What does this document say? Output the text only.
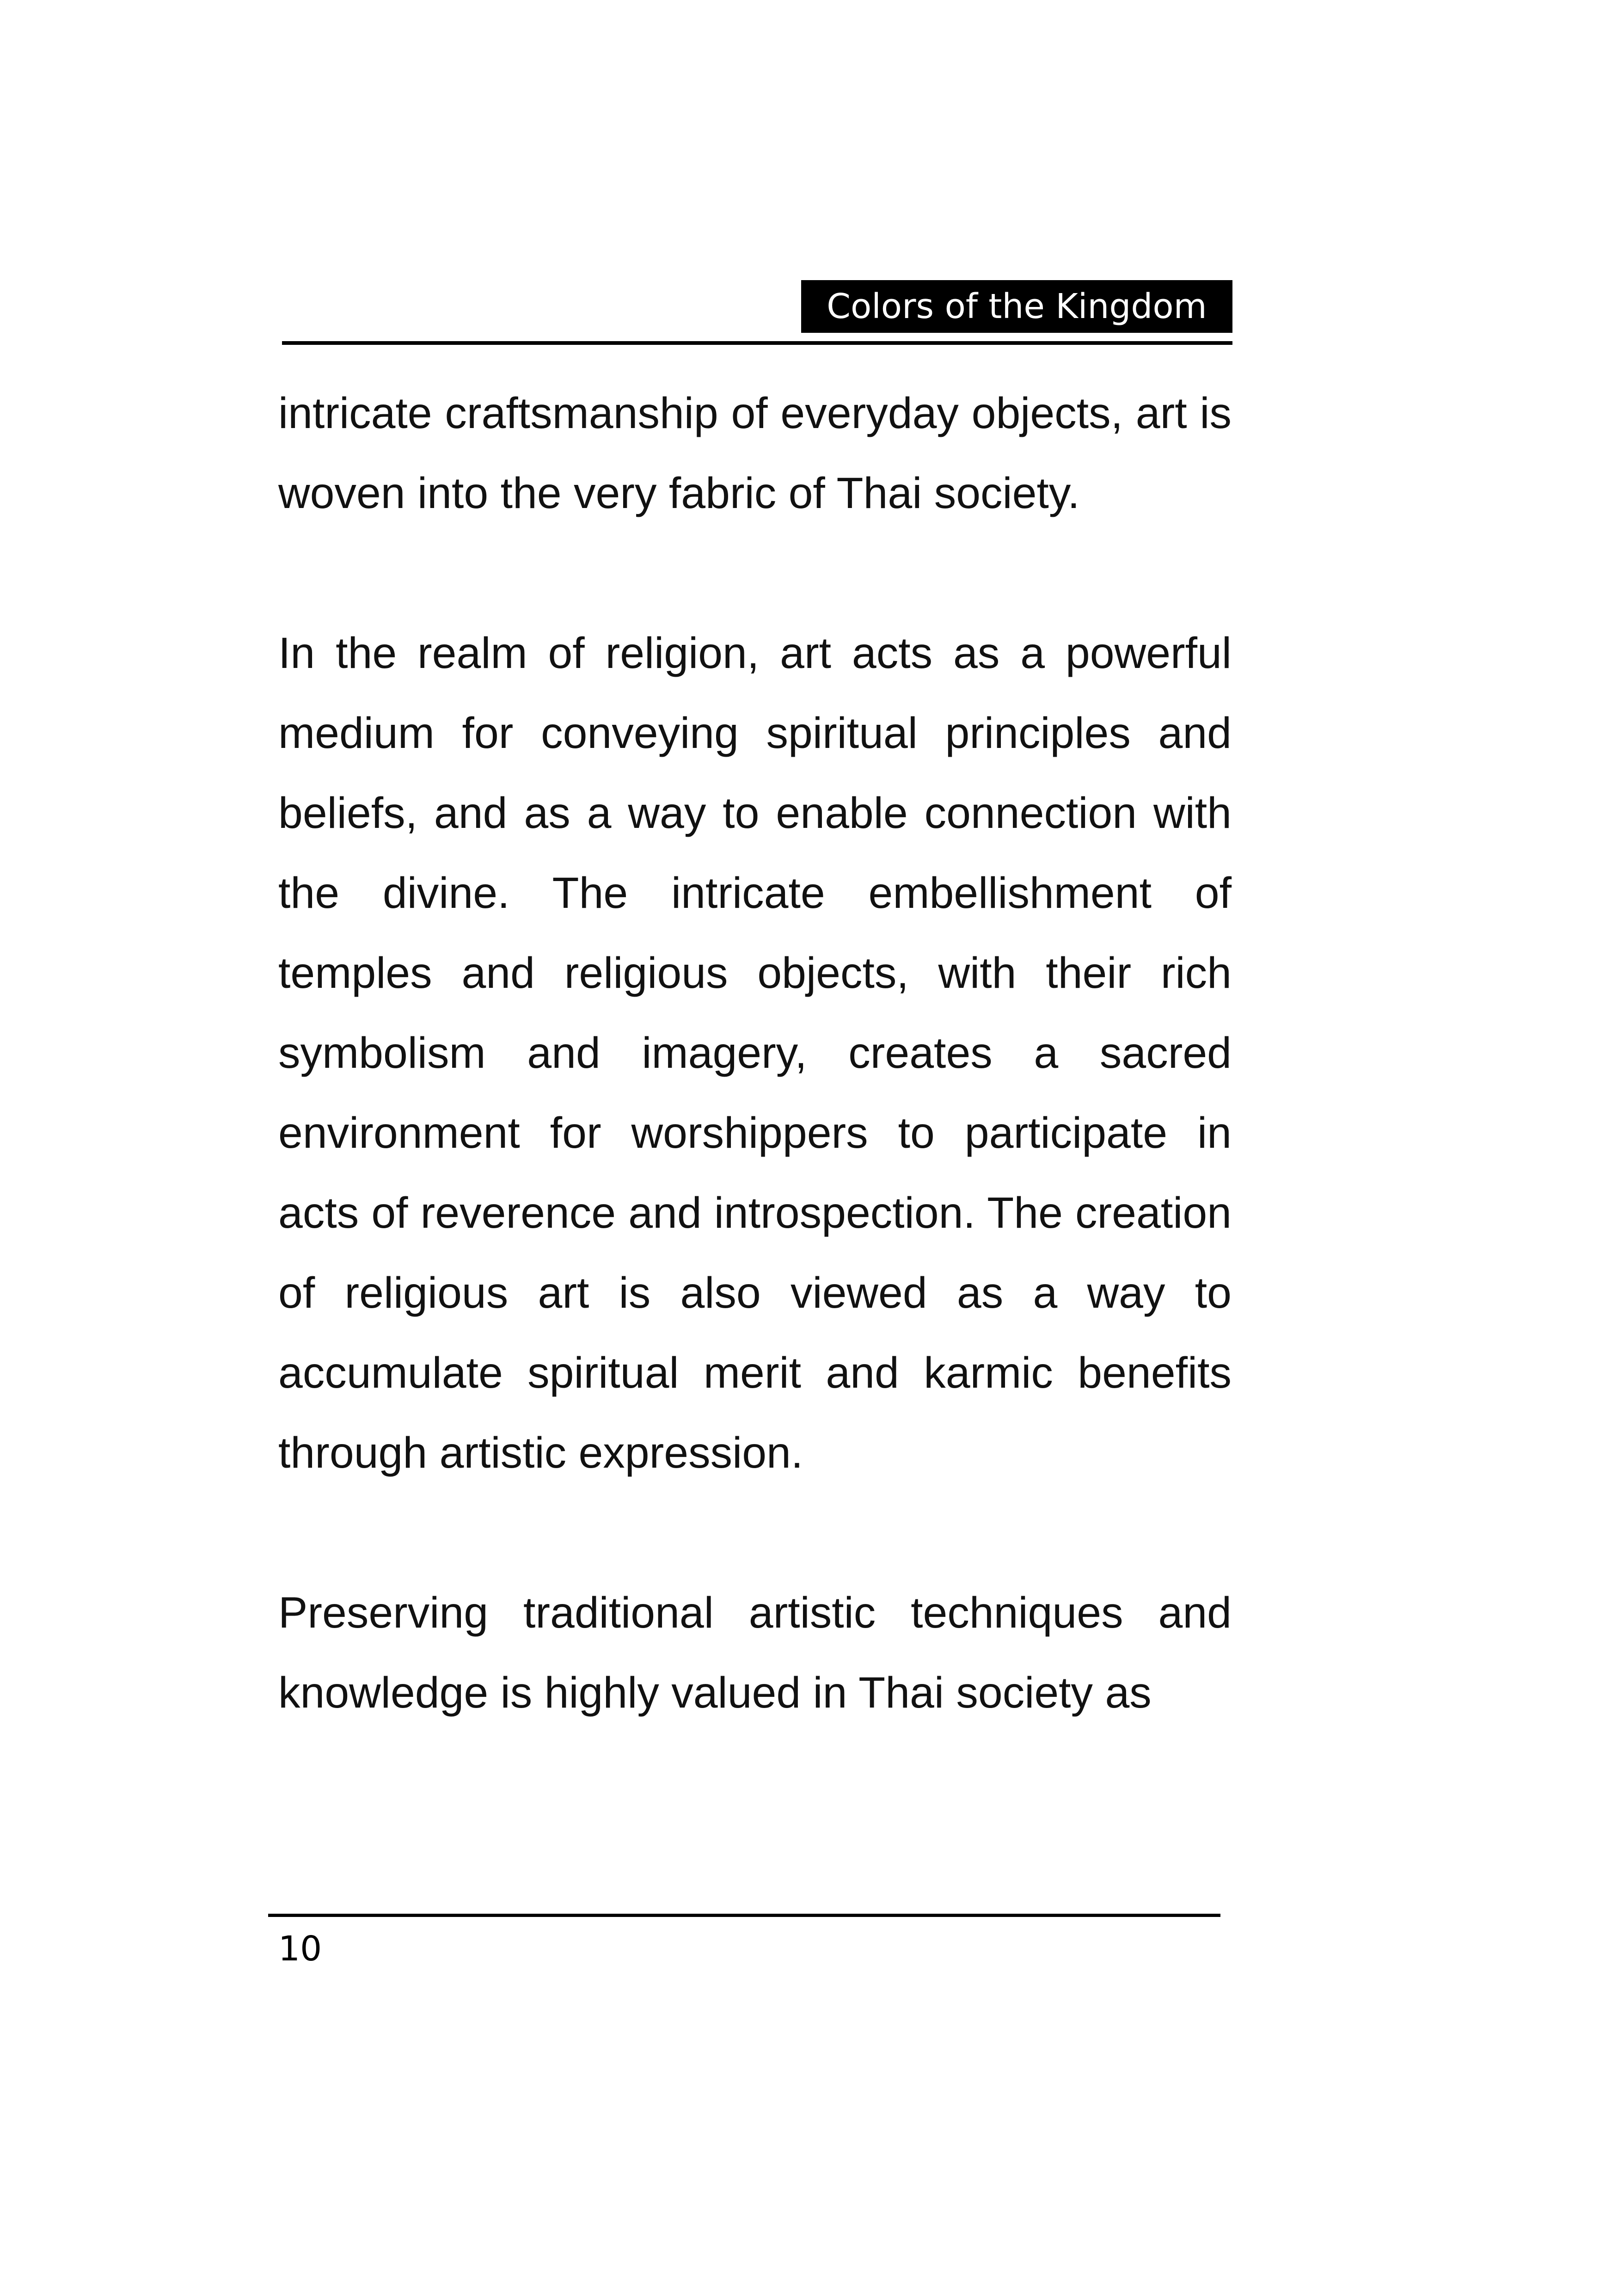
Colors of the Kingdom

intricate craftsmanship of everyday objects, art is woven into the very fabric of Thai society.

In the realm of religion, art acts as a powerful medium for conveying spiritual principles and beliefs, and as a way to enable connection with the divine. The intricate embellishment of temples and religious objects, with their rich symbolism and imagery, creates a sacred environment for worshippers to participate in acts of reverence and introspection. The creation of religious art is also viewed as a way to accumulate spiritual merit and karmic benefits through artistic expression.

Preserving traditional artistic techniques and knowledge is highly valued in Thai society as

10
